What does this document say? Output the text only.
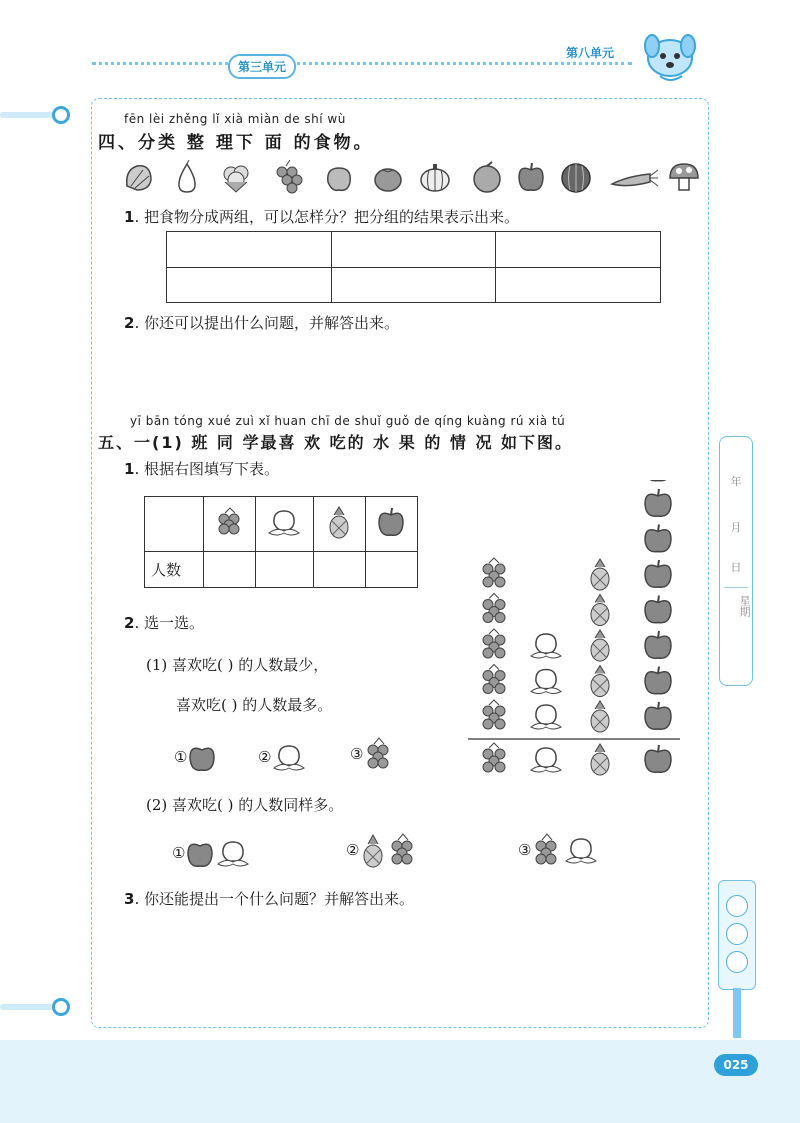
第三单元
第八单元
年
月
日
星期
025
fēn lèi zhěng lǐ xià miàn de shí wù
四、分类 整 理下 面 的食物。
1. 把食物分成两组，可以怎样分？把分组的结果表示出来。

2. 你还可以提出什么问题，并解答出来。
yī bān tóng xué zuì xǐ huan chī de shuǐ guǒ de qíng kuàng rú xià tú
五、一(1) 班 同 学最喜 欢 吃的 水 果 的 情 况 如下图。
1. 根据右图填写下表。

人数				
2. 选一选。
(1) 喜欢吃( ) 的人数最少，
喜欢吃( ) 的人数最多。
①	②	③
(2) 喜欢吃( ) 的人数同样多。
①	②	③
3. 你还能提出一个什么问题？并解答出来。
